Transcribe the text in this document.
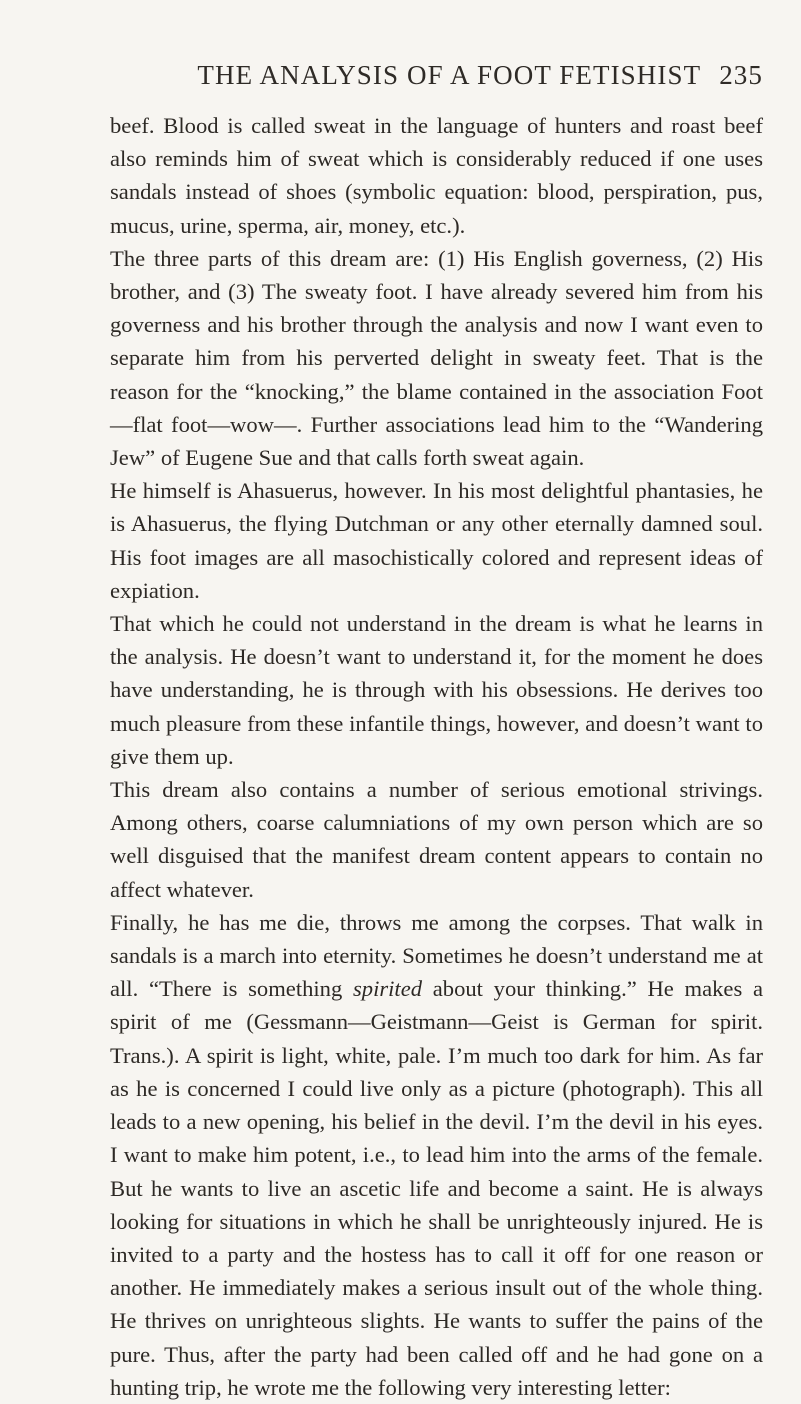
THE ANALYSIS OF A FOOT FETISHIST 235

beef. Blood is called sweat in the language of hunters and roast beef also reminds him of sweat which is considerably reduced if one uses sandals instead of shoes (symbolic equation: blood, perspiration, pus, mucus, urine, sperma, air, money, etc.).

The three parts of this dream are: (1) His English governess, (2) His brother, and (3) The sweaty foot. I have already severed him from his governess and his brother through the analysis and now I want even to separate him from his perverted delight in sweaty feet. That is the reason for the “knocking,” the blame contained in the association Foot—flat foot—wow—. Further associations lead him to the “Wandering Jew” of Eugene Sue and that calls forth sweat again.

He himself is Ahasuerus, however. In his most delightful phantasies, he is Ahasuerus, the flying Dutchman or any other eternally damned soul. His foot images are all masochistically colored and represent ideas of expiation.

That which he could not understand in the dream is what he learns in the analysis. He doesn’t want to understand it, for the moment he does have understanding, he is through with his obsessions. He derives too much pleasure from these infantile things, however, and doesn’t want to give them up.

This dream also contains a number of serious emotional strivings. Among others, coarse calumniations of my own person which are so well disguised that the manifest dream content appears to contain no affect whatever.

Finally, he has me die, throws me among the corpses. That walk in sandals is a march into eternity. Sometimes he doesn’t understand me at all. “There is something spirited about your thinking.” He makes a spirit of me (Gessmann—Geistmann—Geist is German for spirit. Trans.). A spirit is light, white, pale. I’m much too dark for him. As far as he is concerned I could live only as a picture (photograph). This all leads to a new opening, his belief in the devil. I’m the devil in his eyes. I want to make him potent, i.e., to lead him into the arms of the female. But he wants to live an ascetic life and become a saint. He is always looking for situations in which he shall be unrighteously injured. He is invited to a party and the hostess has to call it off for one reason or another. He immediately makes a serious insult out of the whole thing. He thrives on unrighteous slights. He wants to suffer the pains of the pure. Thus, after the party had been called off and he had gone on a hunting trip, he wrote me the following very interesting letter:
